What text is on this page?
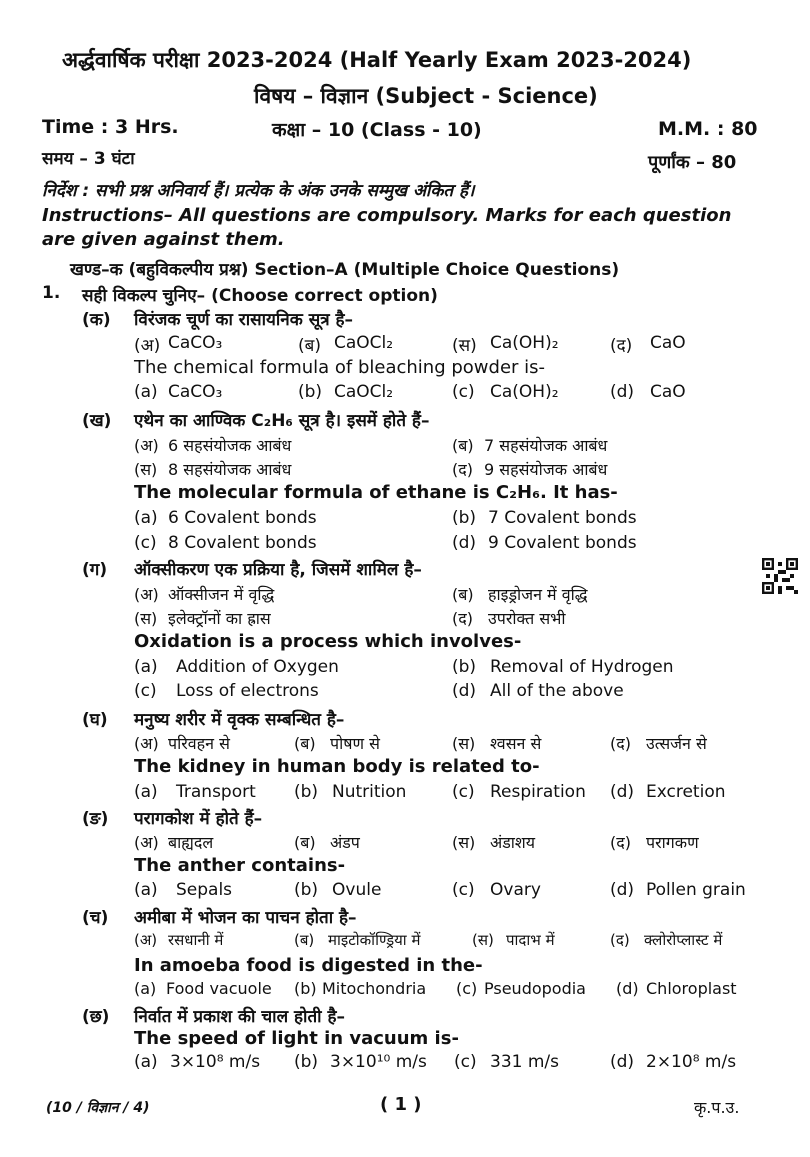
अर्द्धवार्षिक परीक्षा 2023-2024 (Half Yearly Exam 2023-2024)
विषय – विज्ञान (Subject - Science)
Time : 3 Hrs.	कक्षा – 10 (Class - 10)	M.M. : 80
समय – 3 घंटा	पूर्णांक – 80
निर्देश : सभी प्रश्न अनिवार्य हैं। प्रत्येक के अंक उनके सम्मुख अंकित हैं।
Instructions– All questions are compulsory. Marks for each question
are given against them.
खण्ड–क (बहुविकल्पीय प्रश्न) Section–A (Multiple Choice Questions)
1. सही विकल्प चुनिए– (Choose correct option)
(क) विरंजक चूर्ण का रासायनिक सूत्र है–
(अ) CaCO₃	(ब) CaOCl₂	(स) Ca(OH)₂	(द) CaO
The chemical formula of bleaching powder is-
(a) CaCO₃	(b) CaOCl₂	(c) Ca(OH)₂	(d) CaO
(ख) एथेन का आण्विक C₂H₆ सूत्र है। इसमें होते हैं–
(अ) 6 सहसंयोजक आबंध	(ब) 7 सहसंयोजक आबंध
(स) 8 सहसंयोजक आबंध	(द) 9 सहसंयोजक आबंध
The molecular formula of ethane is C₂H₆. It has-
(a) 6 Covalent bonds	(b) 7 Covalent bonds
(c) 8 Covalent bonds	(d) 9 Covalent bonds
(ग) ऑक्सीकरण एक प्रक्रिया है, जिसमें शामिल है–
(अ) ऑक्सीजन में वृद्धि	(ब) हाइड्रोजन में वृद्धि
(स) इलेक्ट्रॉनों का ह्रास	(द) उपरोक्त सभी
Oxidation is a process which involves-
(a) Addition of Oxygen	(b) Removal of Hydrogen
(c) Loss of electrons	(d) All of the above
(घ) मनुष्य शरीर में वृक्क सम्बन्धित है–
(अ) परिवहन से	(ब) पोषण से	(स) श्वसन से	(द) उत्सर्जन से
The kidney in human body is related to-
(a) Transport (b) Nutrition	(c) Respiration (d) Excretion
(ङ) परागकोश में होते हैं–
(अ) बाह्यदल	(ब) अंडप	(स) अंडाशय	(द) परागकण
The anther contains-
(a) Sepals	(b) Ovule	(c) Ovary	(d) Pollen grain
(च) अमीबा में भोजन का पाचन होता है–
(अ) रसधानी में	(ब) माइटोकॉण्ड्रिया में	(स) पादाभ में	(द) क्लोरोप्लास्ट में
In amoeba food is digested in the-
(a) Food vacuole (b) Mitochondria (c) Pseudopodia (d) Chloroplast
(छ) निर्वात में प्रकाश की चाल होती है–
The speed of light in vacuum is-
(a) 3×10⁸ m/s (b) 3×10¹⁰ m/s (c) 331 m/s	(d) 2×10⁸ m/s
(10 / विज्ञान / 4)	( 1 )	कृ.प.उ.
